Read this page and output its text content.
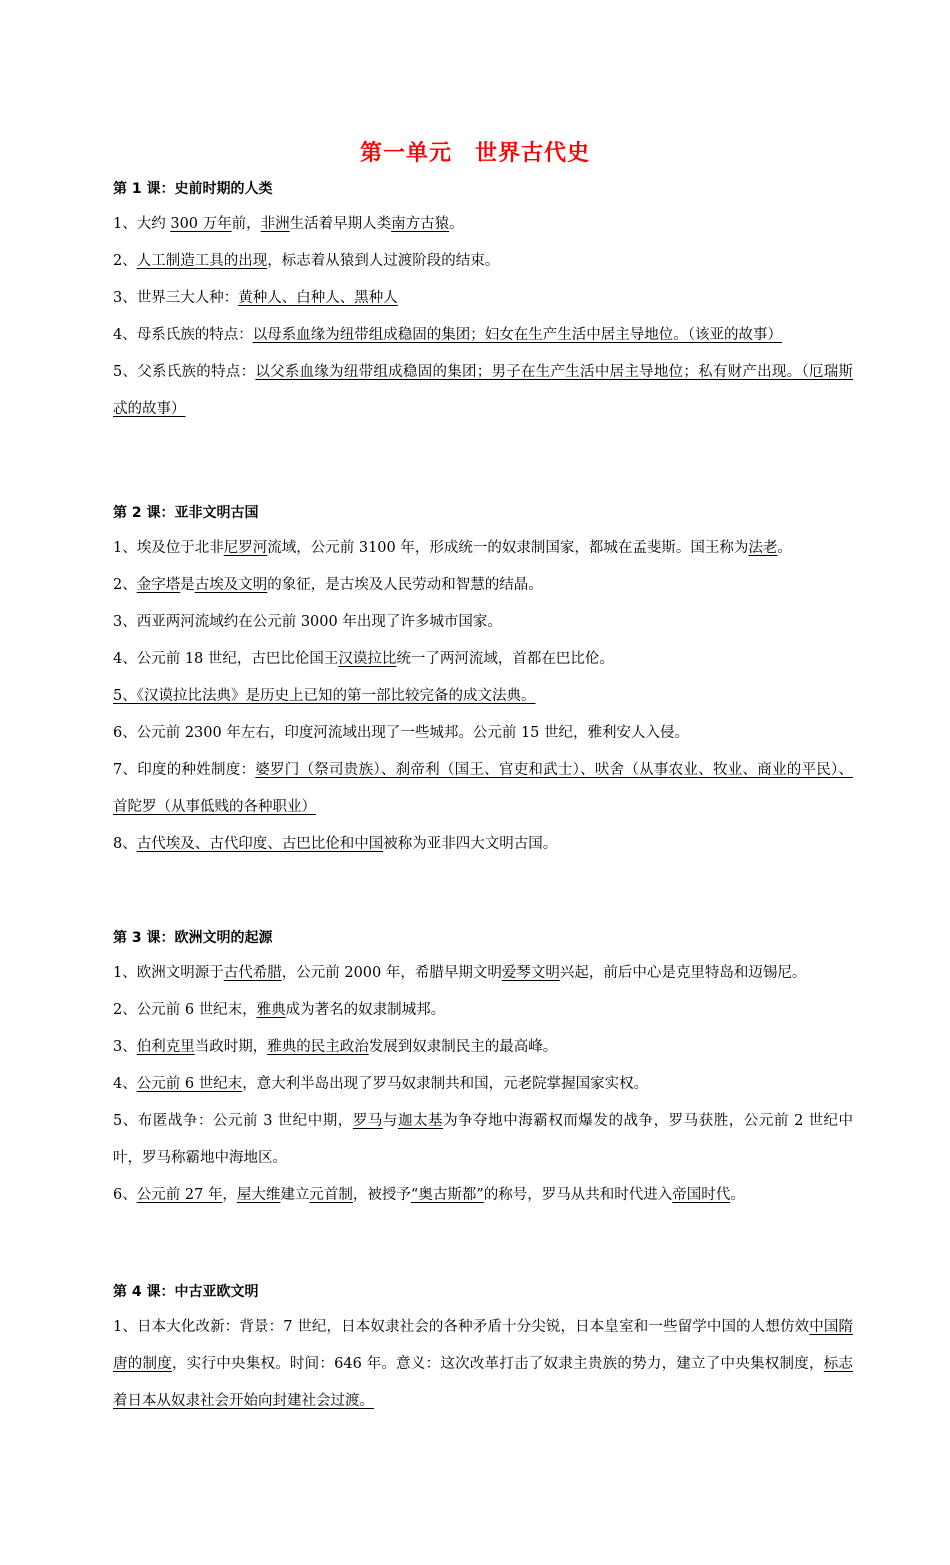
第一单元　世界古代史
第 1 课：史前时期的人类

1、大约 300 万年前，非洲生活着早期人类南方古猿。

2、人工制造工具的出现，标志着从猿到人过渡阶段的结束。

3、世界三大人种：黄种人、白种人、黑种人

4、母系氏族的特点：以母系血缘为纽带组成稳固的集团；妇女在生产生活中居主导地位。（该亚的故事）

5、父系氏族的特点：以父系血缘为纽带组成稳固的集团；男子在生产生活中居主导地位；私有财产出现。（厄瑞斯忒的故事）

第 2 课：亚非文明古国

1、埃及位于北非尼罗河流域，公元前 3100 年，形成统一的奴隶制国家，都城在孟斐斯。国王称为法老。

2、金字塔是古埃及文明的象征，是古埃及人民劳动和智慧的结晶。

3、西亚两河流域约在公元前 3000 年出现了许多城市国家。

4、公元前 18 世纪，古巴比伦国王汉谟拉比统一了两河流域，首都在巴比伦。

5、《汉谟拉比法典》是历史上已知的第一部比较完备的成文法典。

6、公元前 2300 年左右，印度河流域出现了一些城邦。公元前 15 世纪，雅利安人入侵。

7、印度的种姓制度：婆罗门（祭司贵族）、刹帝利（国王、官吏和武士）、吠舍（从事农业、牧业、商业的平民）、首陀罗（从事低贱的各种职业）

8、古代埃及、古代印度、古巴比伦和中国被称为亚非四大文明古国。

第 3 课：欧洲文明的起源

1、欧洲文明源于古代希腊，公元前 2000 年，希腊早期文明爱琴文明兴起，前后中心是克里特岛和迈锡尼。

2、公元前 6 世纪末，雅典成为著名的奴隶制城邦。

3、伯利克里当政时期，雅典的民主政治发展到奴隶制民主的最高峰。

4、公元前 6 世纪末，意大利半岛出现了罗马奴隶制共和国，元老院掌握国家实权。

5、布匿战争：公元前 3 世纪中期，罗马与迦太基为争夺地中海霸权而爆发的战争，罗马获胜，公元前 2 世纪中叶，罗马称霸地中海地区。

6、公元前 27 年，屋大维建立元首制，被授予“奥古斯都”的称号，罗马从共和时代进入帝国时代。

第 4 课：中古亚欧文明

1、日本大化改新：背景：7 世纪，日本奴隶社会的各种矛盾十分尖锐，日本皇室和一些留学中国的人想仿效中国隋唐的制度，实行中央集权。时间：646 年。意义：这次改革打击了奴隶主贵族的势力，建立了中央集权制度，标志着日本从奴隶社会开始向封建社会过渡。
